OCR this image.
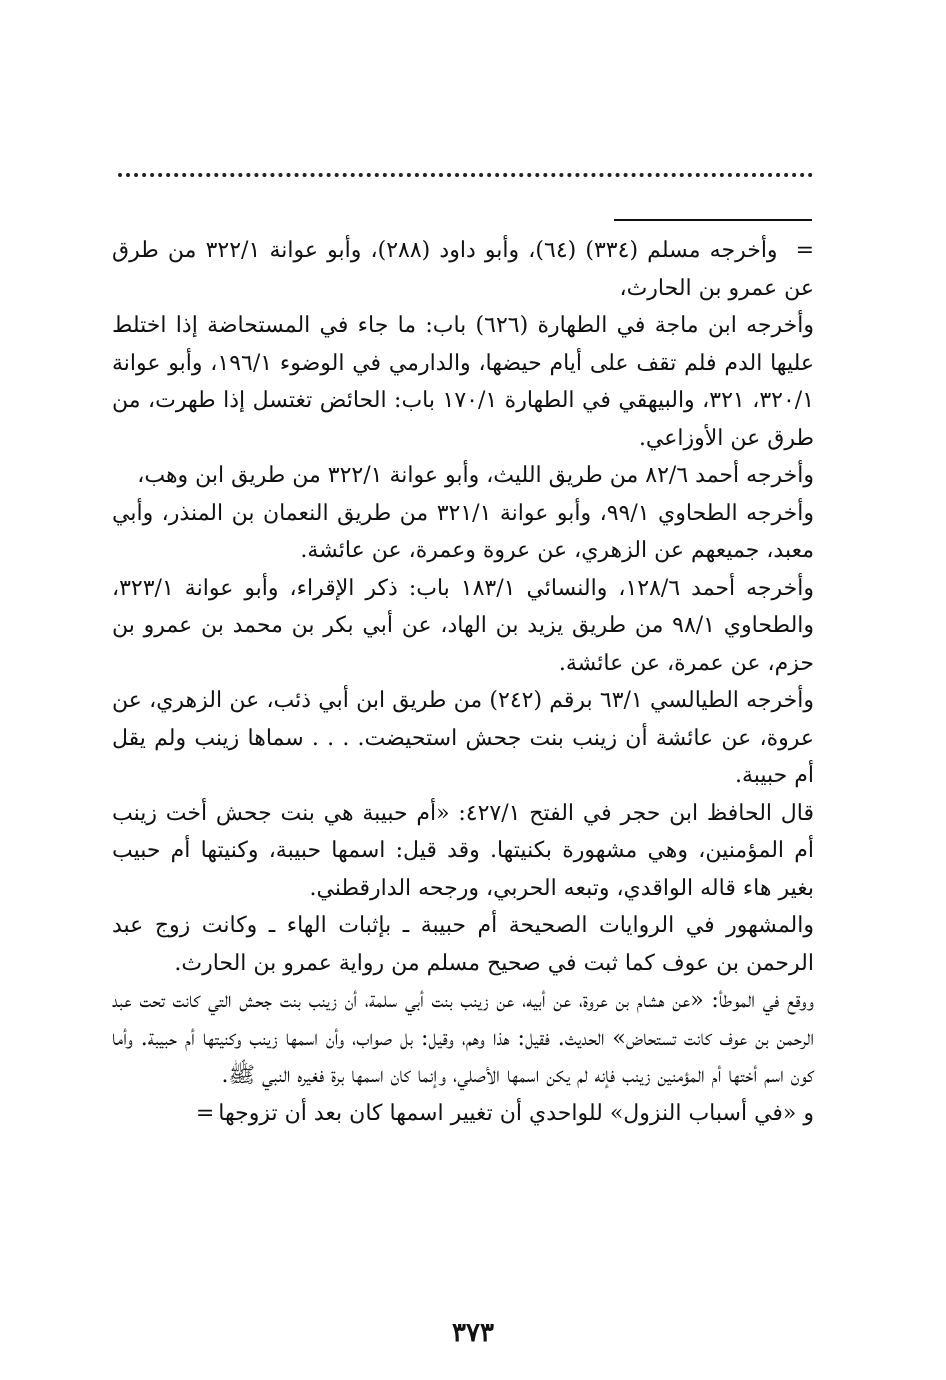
=وأخرجه مسلم (٣٣٤) (٦٤)، وأبو داود (٢٨٨)، وأبو عوانة ٣٢٢/١ من طرق عن عمرو بن الحارث،

وأخرجه ابن ماجة في الطهارة (٦٢٦) باب: ما جاء في المستحاضة إذا اختلط عليها الدم فلم تقف على أيام حيضها، والدارمي في الوضوء ١٩٦/١، وأبو عوانة ٣٢٠/١، ٣٢١، والبيهقي في الطهارة ١٧٠/١ باب: الحائض تغتسل إذا طهرت، من طرق عن الأوزاعي.

وأخرجه أحمد ٨٢/٦ من طريق الليث، وأبو عوانة ٣٢٢/١ من طريق ابن وهب،

وأخرجه الطحاوي ٩٩/١، وأبو عوانة ٣٢١/١ من طريق النعمان بن المنذر، وأبي معبد، جميعهم عن الزهري، عن عروة وعمرة، عن عائشة.

وأخرجه أحمد ١٢٨/٦، والنسائي ١٨٣/١ باب: ذكر الإقراء، وأبو عوانة ٣٢٣/١، والطحاوي ٩٨/١ من طريق يزيد بن الهاد، عن أبي بكر بن محمد بن عمرو بن حزم، عن عمرة، عن عائشة.

وأخرجه الطيالسي ٦٣/١ برقم (٢٤٢) من طريق ابن أبي ذئب، عن الزهري، عن عروة، عن عائشة أن زينب بنت جحش استحيضت. . . . سماها زينب ولم يقل أم حبيبة.

قال الحافظ ابن حجر في الفتح ٤٢٧/١: «أم حبيبة هي بنت جحش أخت زينب أم المؤمنين، وهي مشهورة بكنيتها. وقد قيل: اسمها حبيبة، وكنيتها أم حبيب بغير هاء قاله الواقدي، وتبعه الحربي، ورجحه الدارقطني.

والمشهور في الروايات الصحيحة أم حبيبة ـ بإثبات الهاء ـ وكانت زوج عبد الرحمن بن عوف كما ثبت في صحيح مسلم من رواية عمرو بن الحارث.

ووقع في الموطأ: «عن هشام بن عروة، عن أبيه، عن زينب بنت أبي سلمة، أن زينب بنت جحش التي كانت تحت عبد الرحمن بن عوف كانت تستحاض» الحديث. فقيل: هذا وهم، وقيل: بل صواب، وأن اسمها زينب وكنيتها أم حبيبة. وأما كون اسم أختها أم المؤمنين زينب فإنه لم يكن اسمها الأصلي، وإنما كان اسمها برة فغيره النبي ﷺ.

و «في أسباب النزول» للواحدي أن تغيير اسمها كان بعد أن تزوجها=

٣٧٣
